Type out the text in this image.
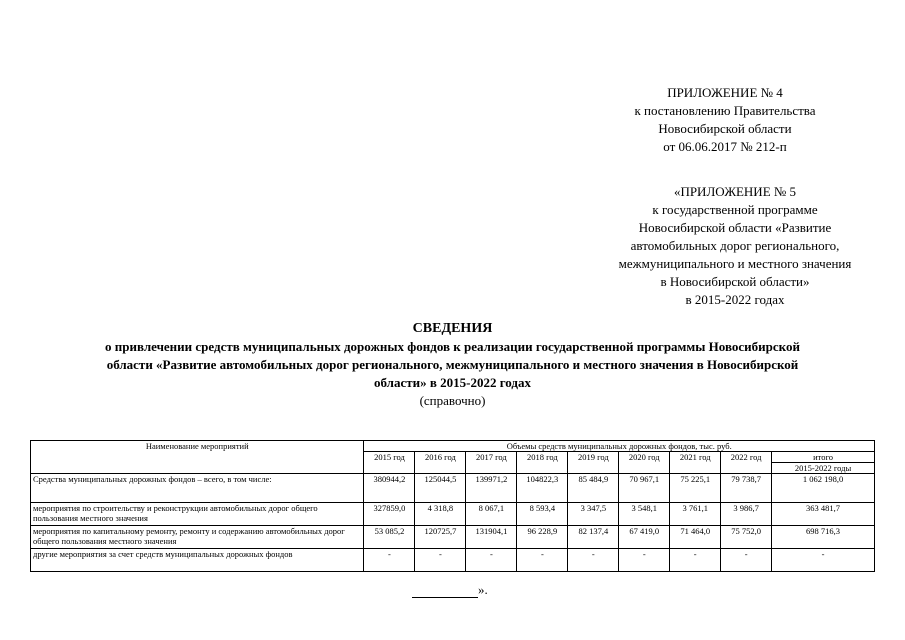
ПРИЛОЖЕНИЕ № 4
к постановлению Правительства
Новосибирской области
от 06.06.2017 № 212-п
«ПРИЛОЖЕНИЕ № 5
к государственной программе
Новосибирской области «Развитие
автомобильных дорог регионального,
межмуниципального и местного значения
в Новосибирской области»
в 2015-2022 годах
СВЕДЕНИЯ
о привлечении средств муниципальных дорожных фондов к реализации государственной программы Новосибирской
области «Развитие автомобильных дорог регионального, межмуниципального и местного значения в Новосибирской
области» в 2015-2022 годах
(справочно)
Наименование мероприятий	Объемы средств муниципальных дорожных фондов, тыс. руб.								
	2015 год	2016 год	2017 год	2018 год	2019 год	2020 год	2021 год	2022 год	итого
									2015-2022 годы
Средства муниципальных дорожных фондов – всего, в том числе:	380944,2	125044,5	139971,2	104822,3	85 484,9	70 967,1	75 225,1	79 738,7	1 062 198,0
мероприятия по строительству и реконструкции автомобильных дорог общего пользования местного значения	327859,0	4 318,8	8 067,1	8 593,4	3 347,5	3 548,1	3 761,1	3 986,7	363 481,7
мероприятия по капитальному ремонту, ремонту и содержанию автомобильных дорог общего пользования местного значения	53 085,2	120725,7	131904,1	96 228,9	82 137,4	67 419,0	71 464,0	75 752,0	698 716,3
другие мероприятия за счет средств муниципальных дорожных фондов	-	-	-	-	-	-	-	-	-
».
